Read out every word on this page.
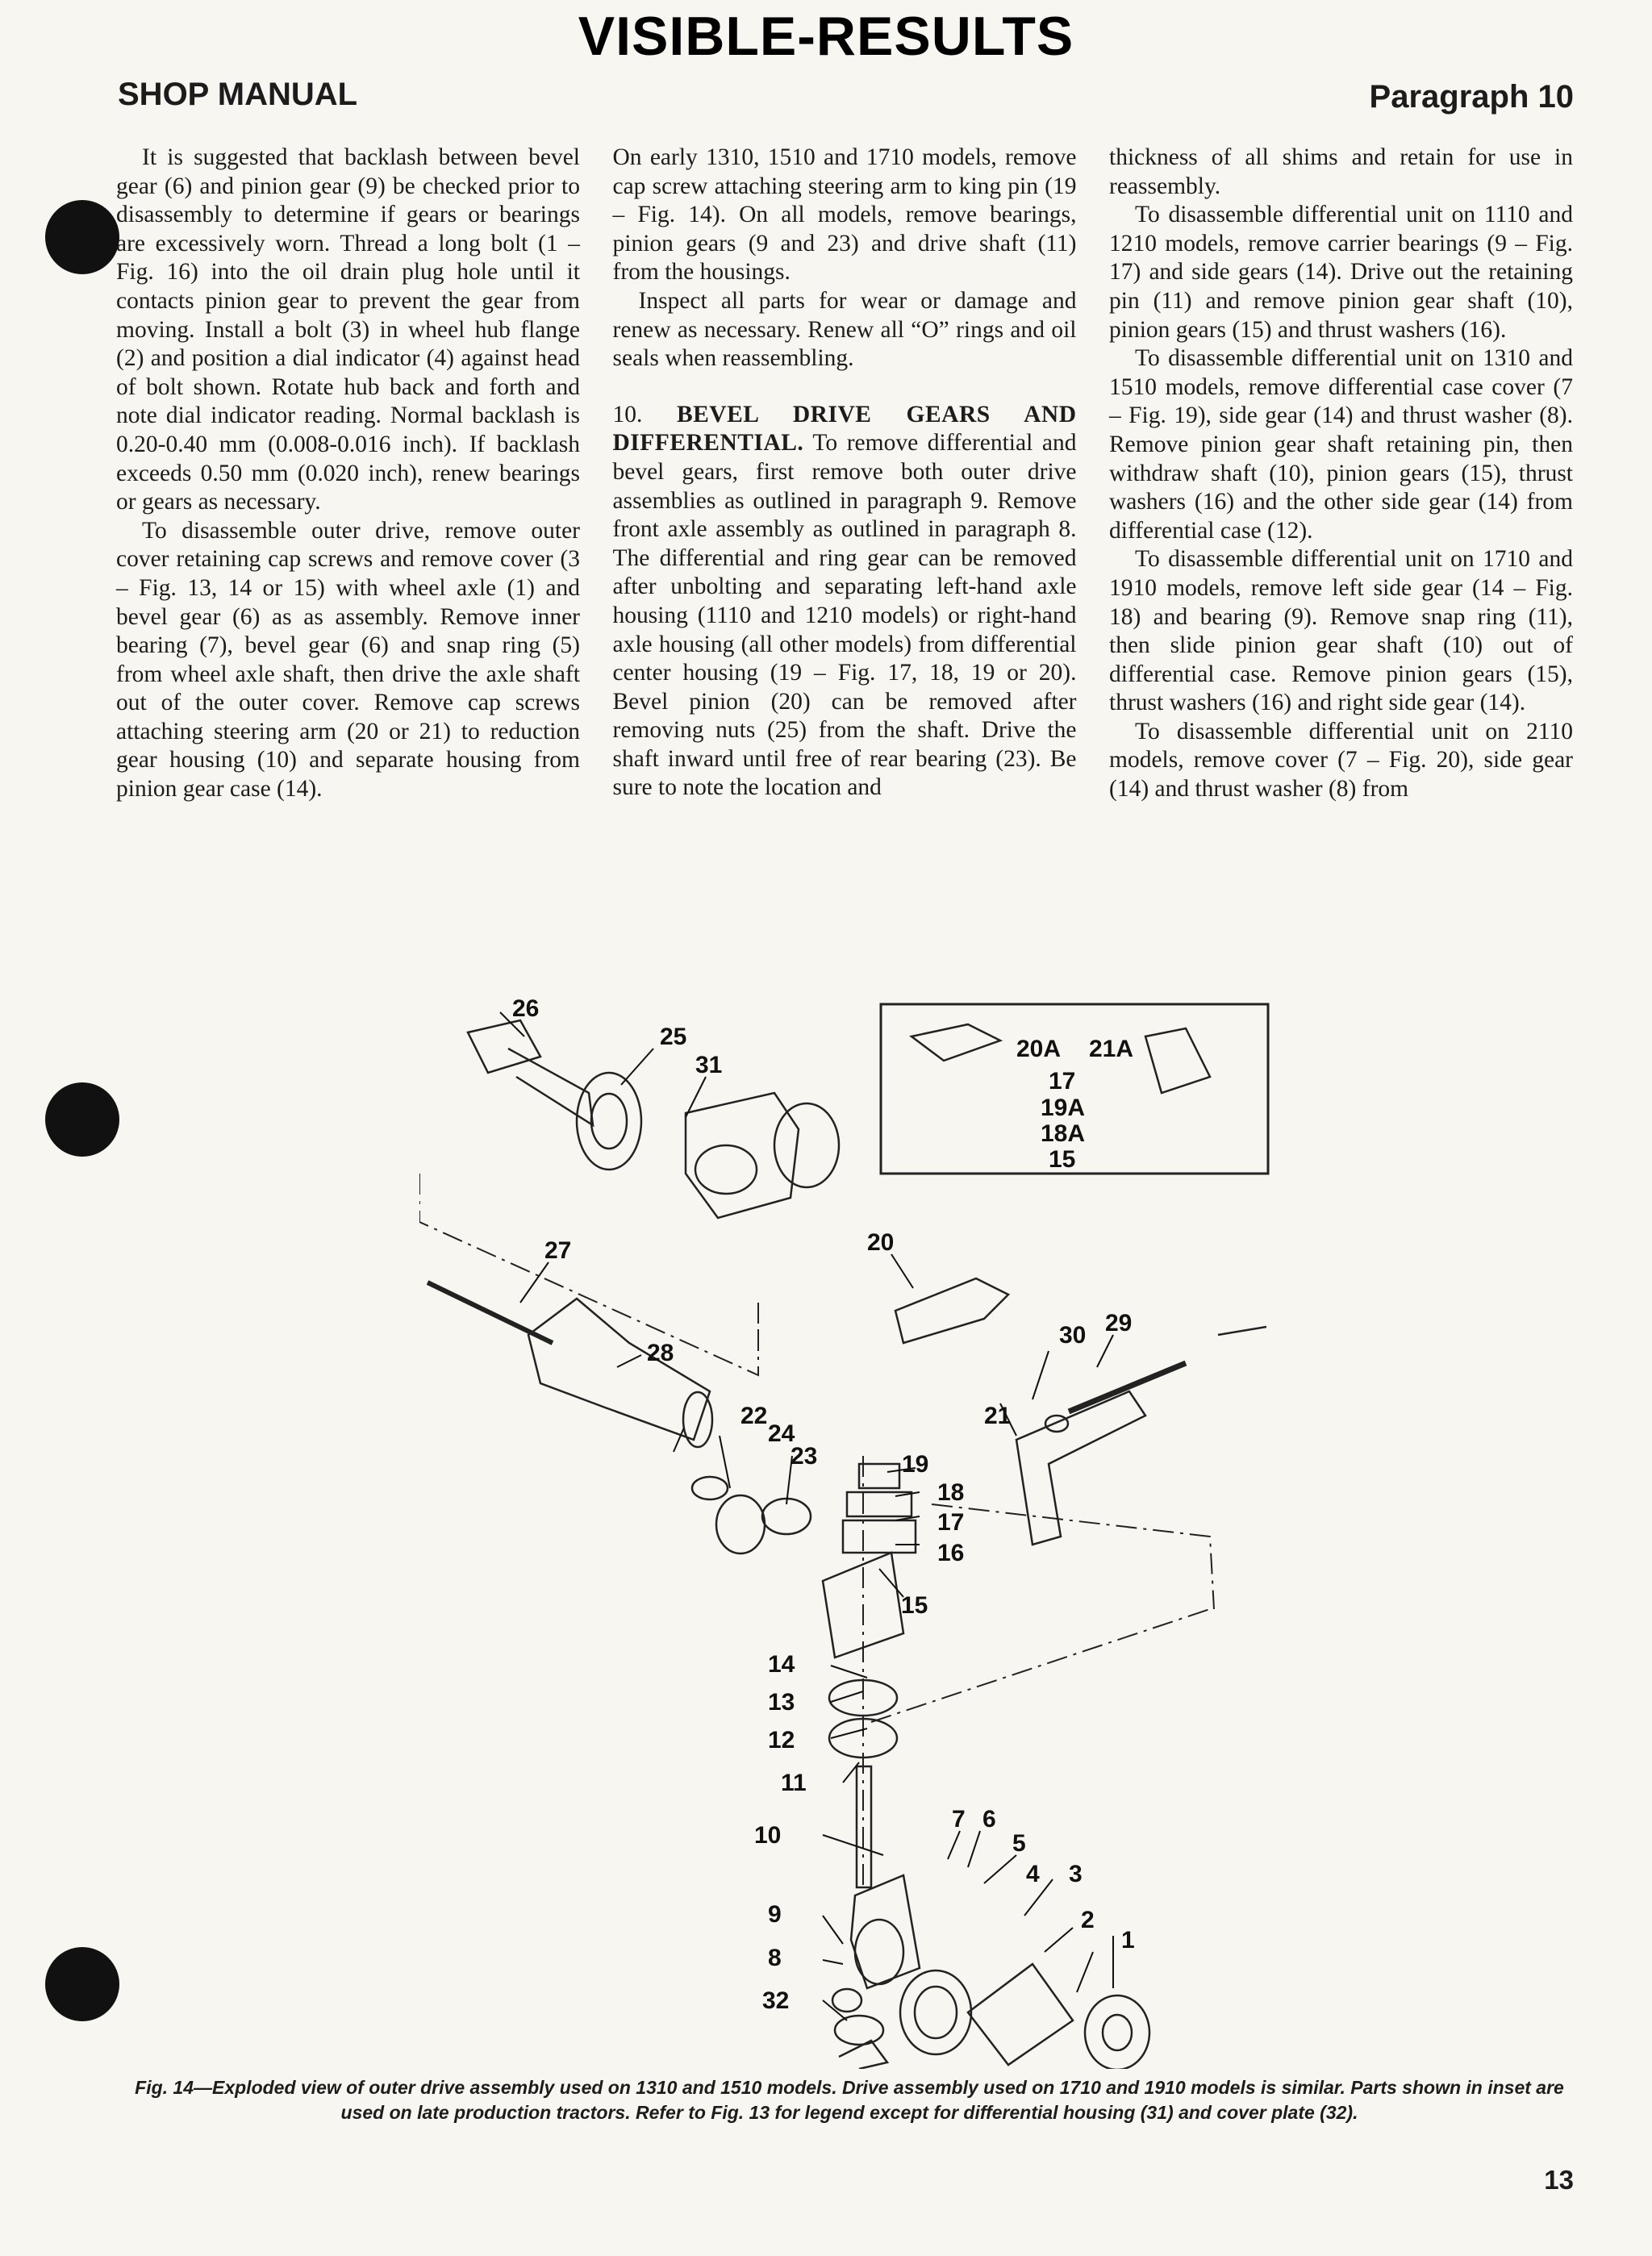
VISIBLE-RESULTS
SHOP MANUAL	Paragraph 10

It is suggested that backlash between bevel gear (6) and pinion gear (9) be checked prior to disassembly to determine if gears or bearings are excessively worn. Thread a long bolt (1 – Fig. 16) into the oil drain plug hole until it contacts pinion gear to prevent the gear from moving. Install a bolt (3) in wheel hub flange (2) and position a dial indicator (4) against head of bolt shown. Rotate hub back and forth and note dial indicator reading. Normal backlash is 0.20-0.40 mm (0.008-0.016 inch). If backlash exceeds 0.50 mm (0.020 inch), renew bearings or gears as necessary.

To disassemble outer drive, remove outer cover retaining cap screws and remove cover (3 – Fig. 13, 14 or 15) with wheel axle (1) and bevel gear (6) as as assembly. Remove inner bearing (7), bevel gear (6) and snap ring (5) from wheel axle shaft, then drive the axle shaft out of the outer cover. Remove cap screws attaching steering arm (20 or 21) to reduction gear housing (10) and separate housing from pinion gear case (14).

On early 1310, 1510 and 1710 models, remove cap screw attaching steering arm to king pin (19 – Fig. 14). On all models, remove bearings, pinion gears (9 and 23) and drive shaft (11) from the housings.

Inspect all parts for wear or damage and renew as necessary. Renew all “O” rings and oil seals when reassembling.

10. BEVEL DRIVE GEARS AND DIFFERENTIAL. To remove differential and bevel gears, first remove both outer drive assemblies as outlined in paragraph 9. Remove front axle assembly as outlined in paragraph 8. The differential and ring gear can be removed after unbolting and separating left-hand axle housing (1110 and 1210 models) or right-hand axle housing (all other models) from differential center housing (19 – Fig. 17, 18, 19 or 20). Bevel pinion (20) can be removed after removing nuts (25) from the shaft. Drive the shaft inward until free of rear bearing (23). Be sure to note the location and

thickness of all shims and retain for use in reassembly.

To disassemble differential unit on 1110 and 1210 models, remove carrier bearings (9 – Fig. 17) and side gears (14). Drive out the retaining pin (11) and remove pinion gear shaft (10), pinion gears (15) and thrust washers (16).

To disassemble differential unit on 1310 and 1510 models, remove differential case cover (7 – Fig. 19), side gear (14) and thrust washer (8). Remove pinion gear shaft retaining pin, then withdraw shaft (10), pinion gears (15), thrust washers (16) and the other side gear (14) from differential case (12).

To disassemble differential unit on 1710 and 1910 models, remove left side gear (14 – Fig. 18) and bearing (9). Remove snap ring (11), then slide pinion gear shaft (10) out of differential case. Remove pinion gears (15), thrust washers (16) and right side gear (14).

To disassemble differential unit on 2110 models, remove cover (7 – Fig. 20), side gear (14) and thrust washer (8) from

26
25
31
27
28
22
24
23	19
18
17
16
15
14
13
12
11
10
9
8
32
7 6
5
4 3
2
1
20
21
30 29
20A 21A
17
19A
18A
15
Fig. 14—Exploded view of outer drive assembly used on 1310 and 1510 models. Drive assembly used on 1710 and 1910 models is similar. Parts shown in inset are used on late production tractors. Refer to Fig. 13 for legend except for differential housing (31) and cover plate (32).
13
